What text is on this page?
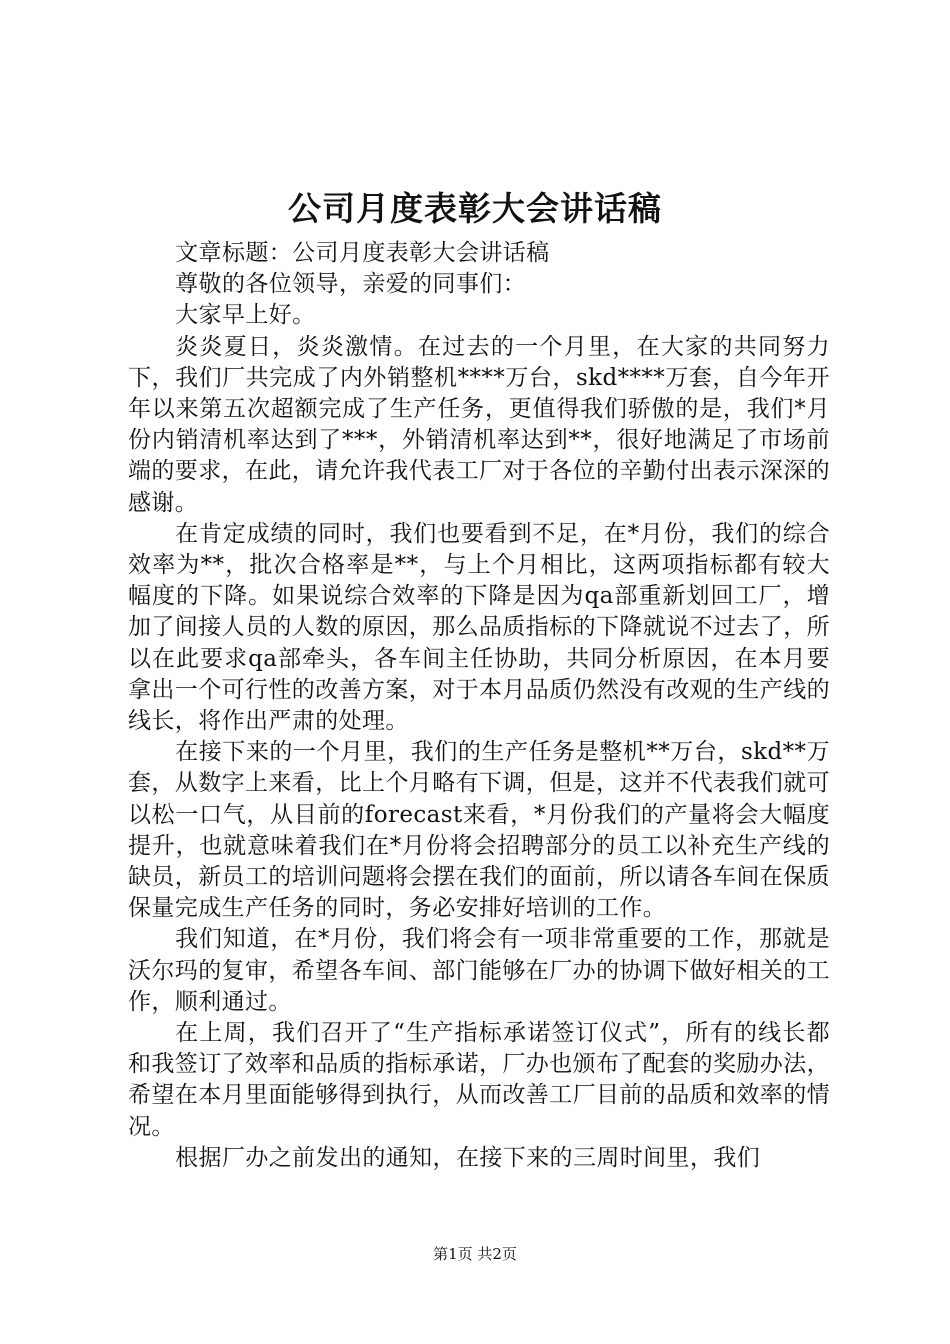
公司月度表彰大会讲话稿

文章标题：公司月度表彰大会讲话稿

尊敬的各位领导，亲爱的同事们：

大家早上好。

炎炎夏日，炎炎激情。在过去的一个月里，在大家的共同努力下，我们厂共完成了内外销整机****万台，skd****万套，自今年开年以来第五次超额完成了生产任务，更值得我们骄傲的是，我们*月份内销清机率达到了***，外销清机率达到**，很好地满足了市场前端的要求，在此，请允许我代表工厂对于各位的辛勤付出表示深深的感谢。

在肯定成绩的同时，我们也要看到不足，在*月份，我们的综合效率为**，批次合格率是**，与上个月相比，这两项指标都有较大幅度的下降。如果说综合效率的下降是因为qa部重新划回工厂，增加了间接人员的人数的原因，那么品质指标的下降就说不过去了，所以在此要求qa部牵头，各车间主任协助，共同分析原因，在本月要拿出一个可行性的改善方案，对于本月品质仍然没有改观的生产线的线长，将作出严肃的处理。

在接下来的一个月里，我们的生产任务是整机**万台，skd**万套，从数字上来看，比上个月略有下调，但是，这并不代表我们就可以松一口气，从目前的forecast来看，*月份我们的产量将会大幅度提升，也就意味着我们在*月份将会招聘部分的员工以补充生产线的缺员，新员工的培训问题将会摆在我们的面前，所以请各车间在保质保量完成生产任务的同时，务必安排好培训的工作。

我们知道，在*月份，我们将会有一项非常重要的工作，那就是沃尔玛的复审，希望各车间、部门能够在厂办的协调下做好相关的工作，顺利通过。

在上周，我们召开了“生产指标承诺签订仪式”，所有的线长都和我签订了效率和品质的指标承诺，厂办也颁布了配套的奖励办法，希望在本月里面能够得到执行，从而改善工厂目前的品质和效率的情况。

根据厂办之前发出的通知，在接下来的三周时间里，我们

第1页 共2页
